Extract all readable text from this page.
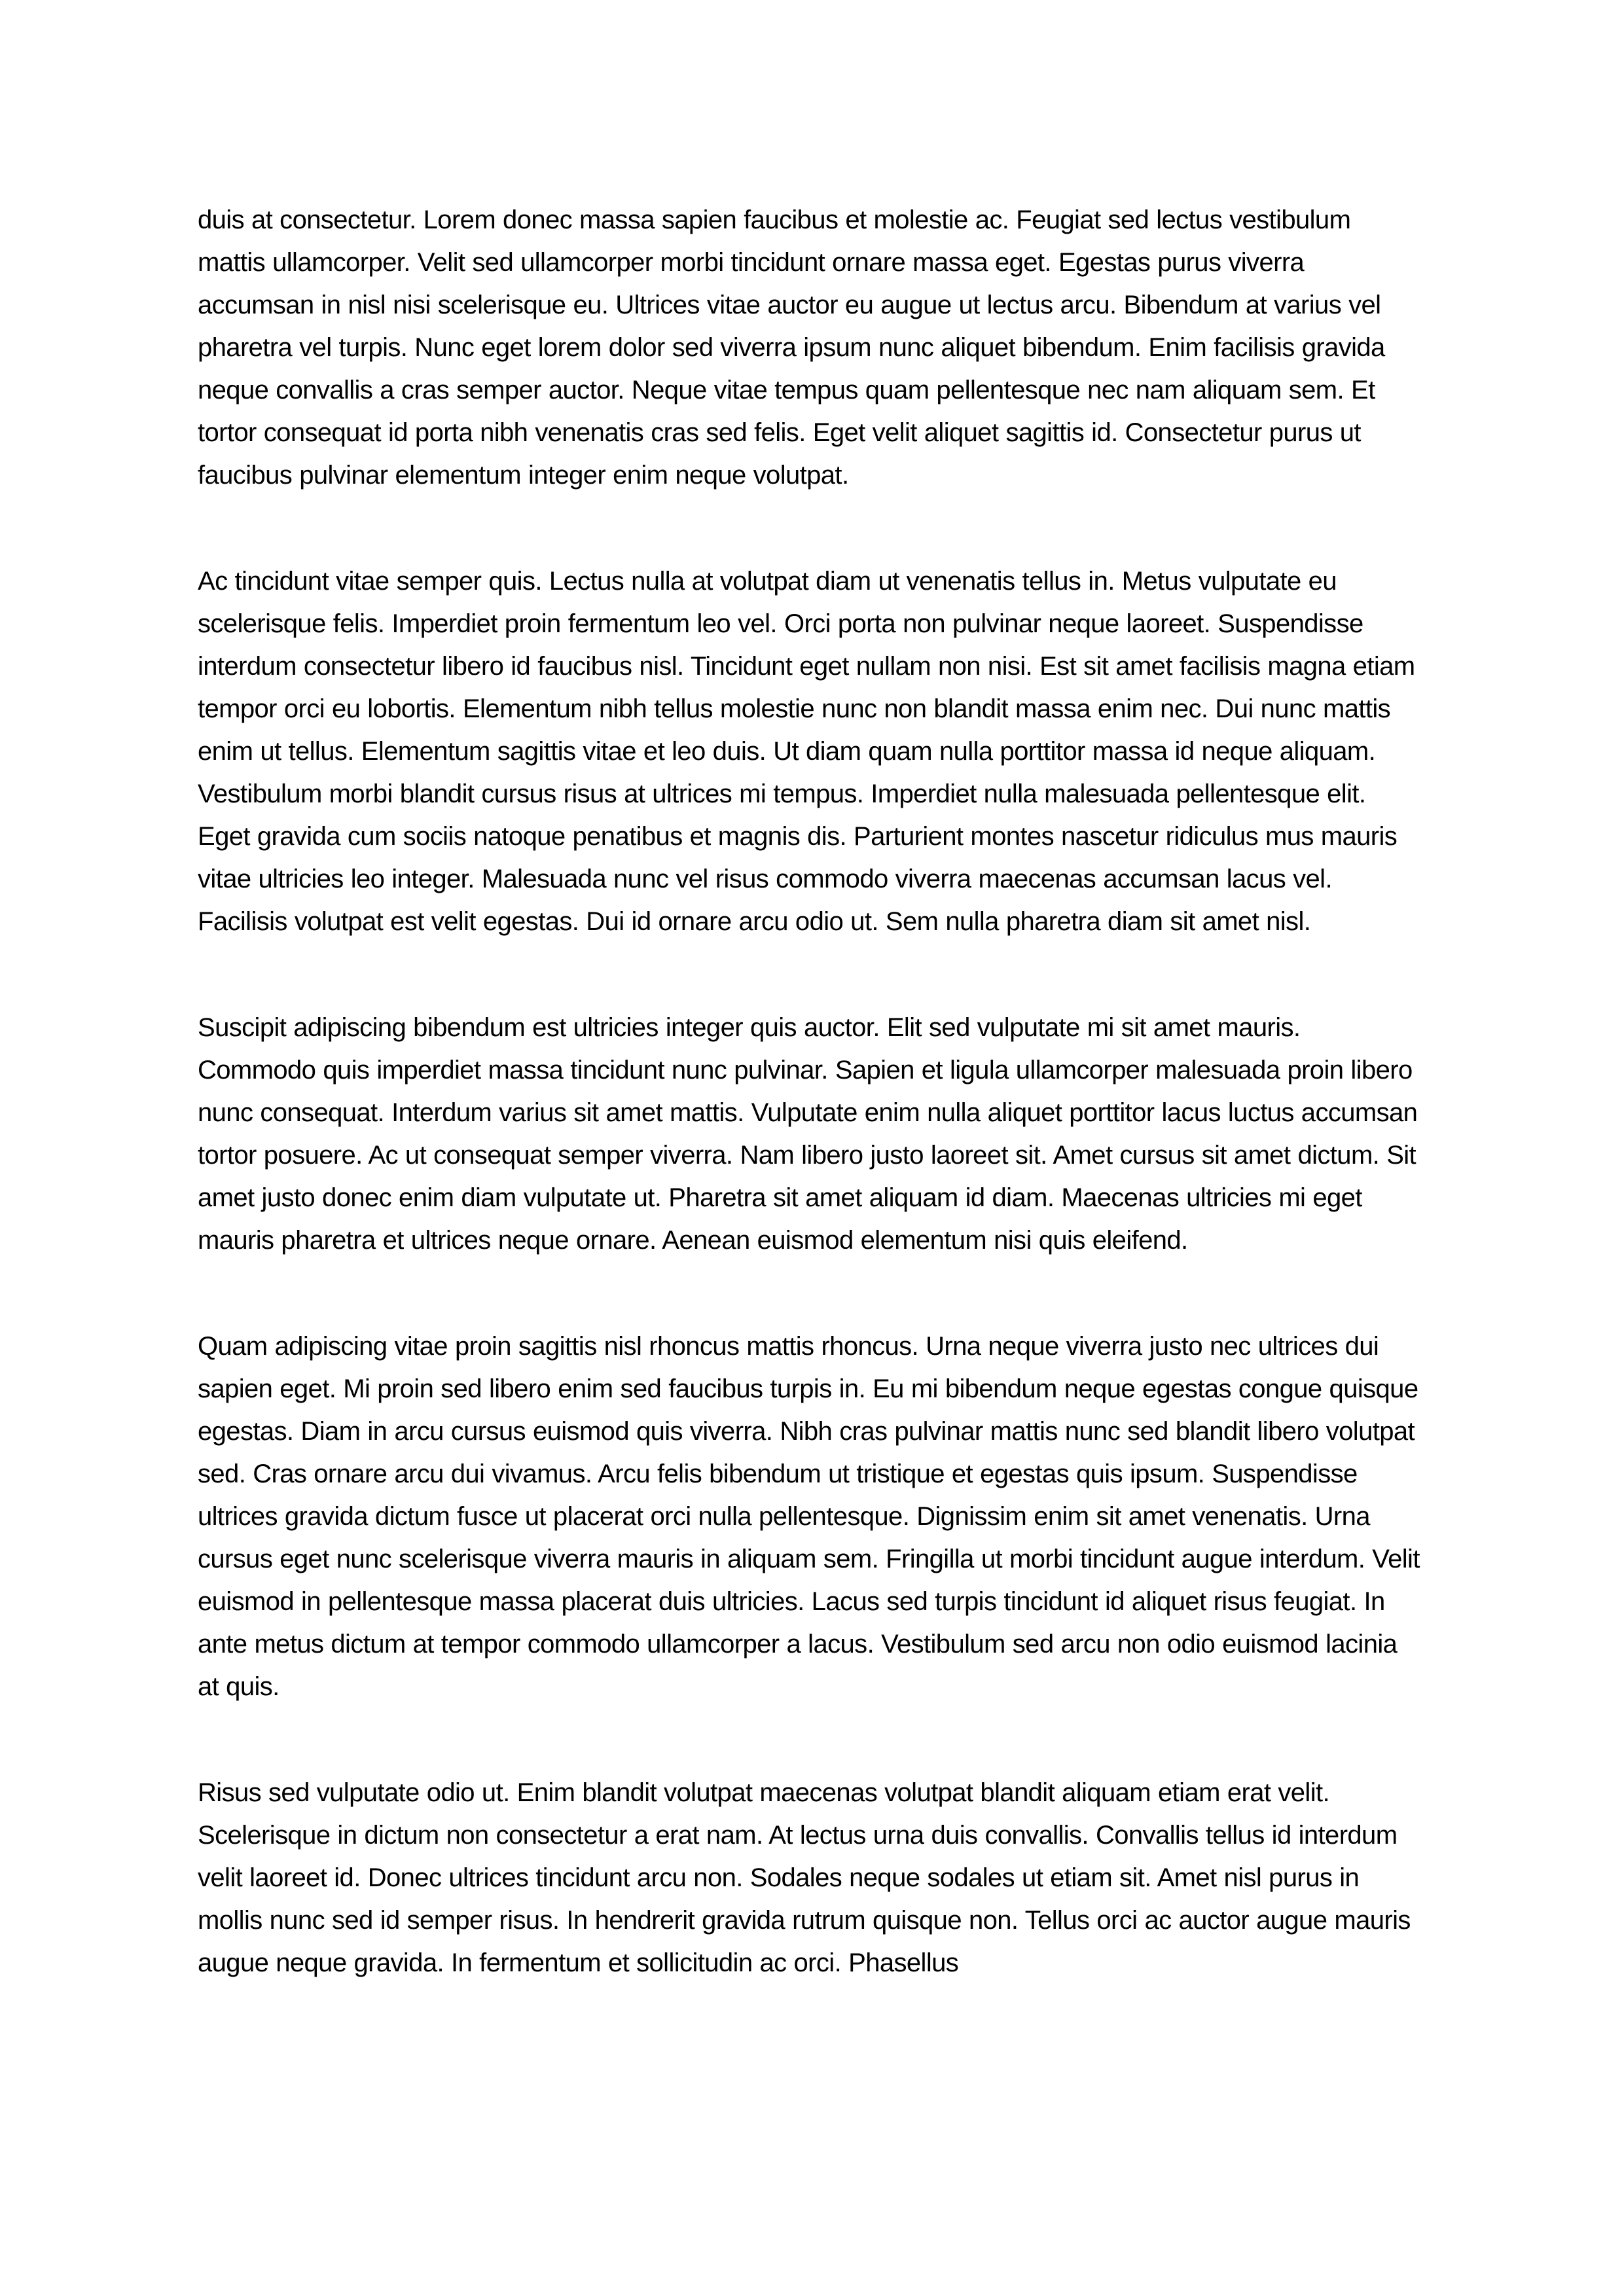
duis at consectetur. Lorem donec massa sapien faucibus et molestie ac. Feugiat sed lectus vestibulum mattis ullamcorper. Velit sed ullamcorper morbi tincidunt ornare massa eget. Egestas purus viverra accumsan in nisl nisi scelerisque eu. Ultrices vitae auctor eu augue ut lectus arcu. Bibendum at varius vel pharetra vel turpis. Nunc eget lorem dolor sed viverra ipsum nunc aliquet bibendum. Enim facilisis gravida neque convallis a cras semper auctor. Neque vitae tempus quam pellentesque nec nam aliquam sem. Et tortor consequat id porta nibh venenatis cras sed felis. Eget velit aliquet sagittis id. Consectetur purus ut faucibus pulvinar elementum integer enim neque volutpat.

Ac tincidunt vitae semper quis. Lectus nulla at volutpat diam ut venenatis tellus in. Metus vulputate eu scelerisque felis. Imperdiet proin fermentum leo vel. Orci porta non pulvinar neque laoreet. Suspendisse interdum consectetur libero id faucibus nisl. Tincidunt eget nullam non nisi. Est sit amet facilisis magna etiam tempor orci eu lobortis. Elementum nibh tellus molestie nunc non blandit massa enim nec. Dui nunc mattis enim ut tellus. Elementum sagittis vitae et leo duis. Ut diam quam nulla porttitor massa id neque aliquam. Vestibulum morbi blandit cursus risus at ultrices mi tempus. Imperdiet nulla malesuada pellentesque elit. Eget gravida cum sociis natoque penatibus et magnis dis. Parturient montes nascetur ridiculus mus mauris vitae ultricies leo integer. Malesuada nunc vel risus commodo viverra maecenas accumsan lacus vel. Facilisis volutpat est velit egestas. Dui id ornare arcu odio ut. Sem nulla pharetra diam sit amet nisl.

Suscipit adipiscing bibendum est ultricies integer quis auctor. Elit sed vulputate mi sit amet mauris. Commodo quis imperdiet massa tincidunt nunc pulvinar. Sapien et ligula ullamcorper malesuada proin libero nunc consequat. Interdum varius sit amet mattis. Vulputate enim nulla aliquet porttitor lacus luctus accumsan tortor posuere. Ac ut consequat semper viverra. Nam libero justo laoreet sit. Amet cursus sit amet dictum. Sit amet justo donec enim diam vulputate ut. Pharetra sit amet aliquam id diam. Maecenas ultricies mi eget mauris pharetra et ultrices neque ornare. Aenean euismod elementum nisi quis eleifend.

Quam adipiscing vitae proin sagittis nisl rhoncus mattis rhoncus. Urna neque viverra justo nec ultrices dui sapien eget. Mi proin sed libero enim sed faucibus turpis in. Eu mi bibendum neque egestas congue quisque egestas. Diam in arcu cursus euismod quis viverra. Nibh cras pulvinar mattis nunc sed blandit libero volutpat sed. Cras ornare arcu dui vivamus. Arcu felis bibendum ut tristique et egestas quis ipsum. Suspendisse ultrices gravida dictum fusce ut placerat orci nulla pellentesque. Dignissim enim sit amet venenatis. Urna cursus eget nunc scelerisque viverra mauris in aliquam sem. Fringilla ut morbi tincidunt augue interdum. Velit euismod in pellentesque massa placerat duis ultricies. Lacus sed turpis tincidunt id aliquet risus feugiat. In ante metus dictum at tempor commodo ullamcorper a lacus. Vestibulum sed arcu non odio euismod lacinia at quis.

Risus sed vulputate odio ut. Enim blandit volutpat maecenas volutpat blandit aliquam etiam erat velit. Scelerisque in dictum non consectetur a erat nam. At lectus urna duis convallis. Convallis tellus id interdum velit laoreet id. Donec ultrices tincidunt arcu non. Sodales neque sodales ut etiam sit. Amet nisl purus in mollis nunc sed id semper risus. In hendrerit gravida rutrum quisque non. Tellus orci ac auctor augue mauris augue neque gravida. In fermentum et sollicitudin ac orci. Phasellus
